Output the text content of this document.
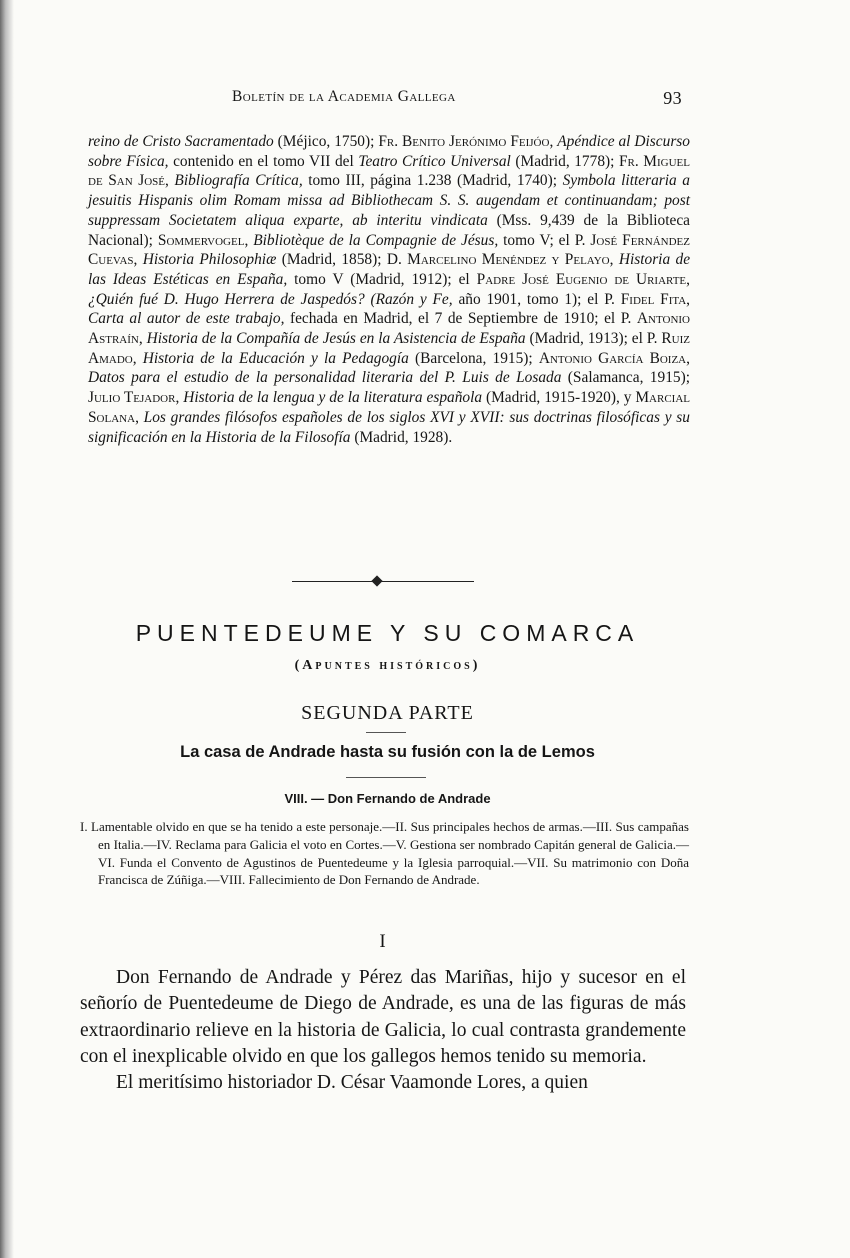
Boletín de la Academia Gallega	93
reino de Cristo Sacramentado (Méjico, 1750); Fr. Benito Jerónimo Feijóo, Apéndice al Discurso sobre Física, contenido en el tomo VII del Teatro Crítico Universal (Madrid, 1778); Fr. Miguel de San José, Bibliografía Crítica, tomo III, página 1.238 (Madrid, 1740); Symbola litteraria a jesuitis Hispanis olim Romam missa ad Bibliothecam S. S. augendam et continuandam; post suppressam Societatem aliqua exparte, ab interitu vindicata (Mss. 9,439 de la Biblioteca Nacional); Sommervogel, Bibliotèque de la Compagnie de Jésus, tomo V; el P. José Fernández Cuevas, Historia Philosophiæ (Madrid, 1858); D. Marcelino Menéndez y Pelayo, Historia de las Ideas Estéticas en España, tomo V (Madrid, 1912); el Padre José Eugenio de Uriarte, ¿Quién fué D. Hugo Herrera de Jaspedós? (Razón y Fe, año 1901, tomo 1); el P. Fidel Fita, Carta al autor de este trabajo, fechada en Madrid, el 7 de Septiembre de 1910; el P. Antonio Astraín, Historia de la Compañía de Jesús en la Asistencia de España (Madrid, 1913); el P. Ruiz Amado, Historia de la Educación y la Pedagogía (Barcelona, 1915); Antonio García Boiza, Datos para el estudio de la personalidad literaria del P. Luis de Losada (Salamanca, 1915); Julio Tejador, Historia de la lengua y de la literatura española (Madrid, 1915-1920), y Marcial Solana, Los grandes filósofos españoles de los siglos XVI y XVII: sus doctrinas filosóficas y su significación en la Historia de la Filosofía (Madrid, 1928).
PUENTEDEUME Y SU COMARCA
(Apuntes históricos)
SEGUNDA PARTE
La casa de Andrade hasta su fusión con la de Lemos
VIII. — Don Fernando de Andrade
I. Lamentable olvido en que se ha tenido a este personaje.—II. Sus principales hechos de armas.—III. Sus campañas en Italia.—IV. Reclama para Galicia el voto en Cortes.—V. Gestiona ser nombrado Capitán general de Galicia.—VI. Funda el Convento de Agustinos de Puentedeume y la Iglesia parroquial.—VII. Su matrimonio con Doña Francisca de Zúñiga.—VIII. Fallecimiento de Don Fernando de Andrade.
I

Don Fernando de Andrade y Pérez das Mariñas, hijo y sucesor en el señorío de Puentedeume de Diego de Andrade, es una de las figuras de más extraordinario relieve en la historia de Galicia, lo cual contrasta grandemente con el inexplicable olvido en que los gallegos hemos tenido su memoria.

El meritísimo historiador D. César Vaamonde Lores, a quien
